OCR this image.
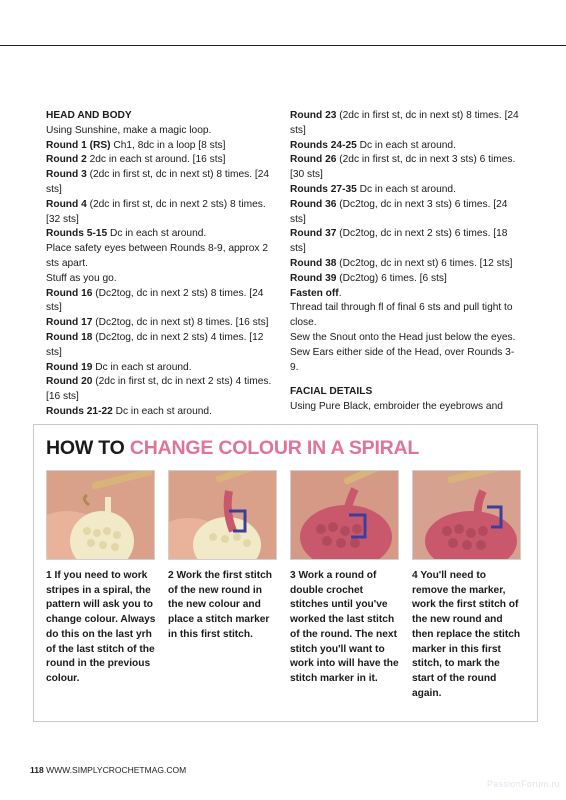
HEAD AND BODY

Using Sunshine, make a magic loop.

Round 1 (RS) Ch1, 8dc in a loop [8 sts]

Round 2 2dc in each st around. [16 sts]

Round 3 (2dc in first st, dc in next st) 8 times. [24 sts]

Round 4 (2dc in first st, dc in next 2 sts) 8 times. [32 sts]

Rounds 5-15 Dc in each st around.

Place safety eyes between Rounds 8-9, approx 2 sts apart.

Stuff as you go.

Round 16 (Dc2tog, dc in next 2 sts) 8 times. [24 sts]

Round 17 (Dc2tog, dc in next st) 8 times. [16 sts]

Round 18 (Dc2tog, dc in next 2 sts) 4 times. [12 sts]

Round 19 Dc in each st around.

Round 20 (2dc in first st, dc in next 2 sts) 4 times. [16 sts]

Rounds 21-22 Dc in each st around.

Round 23 (2dc in first st, dc in next st) 8 times. [24 sts]

Rounds 24-25 Dc in each st around.

Round 26 (2dc in first st, dc in next 3 sts) 6 times. [30 sts]

Rounds 27-35 Dc in each st around.

Round 36 (Dc2tog, dc in next 3 sts) 6 times. [24 sts]

Round 37 (Dc2tog, dc in next 2 sts) 6 times. [18 sts]

Round 38 (Dc2tog, dc in next st) 6 times. [12 sts]

Round 39 (Dc2tog) 6 times. [6 sts]

Fasten off.

Thread tail through fl of final 6 sts and pull tight to close.

Sew the Snout onto the Head just below the eyes.

Sew Ears either side of the Head, over Rounds 3-9.

FACIAL DETAILS

Using Pure Black, embroider the eyebrows and

HOW TO CHANGE COLOUR IN A SPIRAL
1 If you need to work stripes in a spiral, the pattern will ask you to change colour. Always do this on the last yrh of the last stitch of the round in the previous colour.
2 Work the first stitch of the new round in the new colour and place a stitch marker in this first stitch.
3 Work a round of double crochet stitches until you've worked the last stitch of the round. The next stitch you'll want to work into will have the stitch marker in it.
4 You'll need to remove the marker, work the first stitch of the new round and then replace the stitch marker in this first stitch, to mark the start of the round again.
118 WWW.SIMPLYCROCHETMAG.COM
PassionForum.ru
